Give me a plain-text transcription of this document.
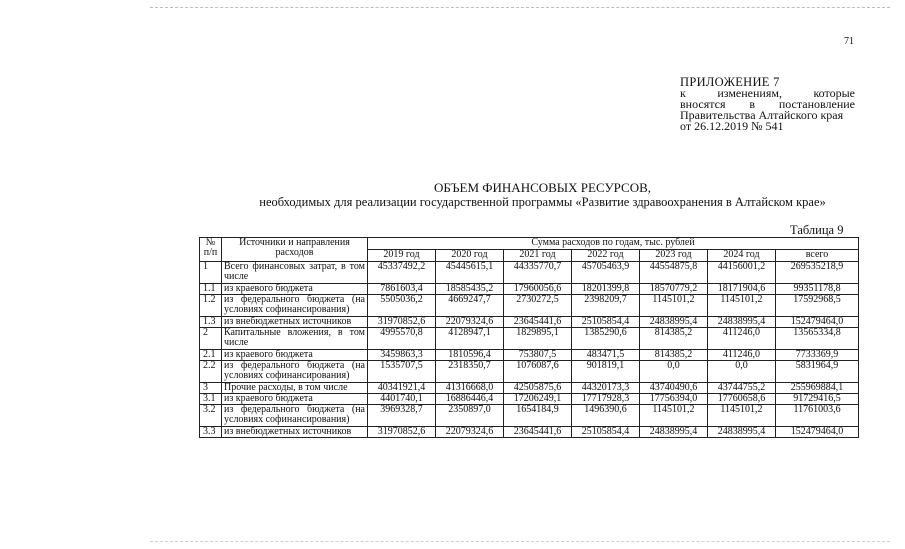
71
ПРИЛОЖЕНИЕ 7
к изменениям, которые
вносятся в постановление
Правительства Алтайского края
от 26.12.2019 № 541
ОБЪЕМ ФИНАНСОВЫХ РЕСУРСОВ,
необходимых для реализации государственной программы «Развитие здравоохранения в Алтайском крае»
Таблица 9
№ п/п	Источники и направления расходов	Сумма расходов по годам, тыс. рублей						
		2019 год	2020 год	2021 год	2022 год	2023 год	2024 год	всего
1	Всего финансовых затрат, в том числе	45337492,2	45445615,1	44335770,7	45705463,9	44554875,8	44156001,2	269535218,9
1.1	из краевого бюджета	7861603,4	18585435,2	17960056,6	18201399,8	18570779,2	18171904,6	99351178,8
1.2	из федерального бюджета (на условиях софинансирования)	5505036,2	4669247,7	2730272,5	2398209,7	1145101,2	1145101,2	17592968,5
1.3	из внебюджетных источников	31970852,6	22079324,6	23645441,6	25105854,4	24838995,4	24838995,4	152479464,0
2	Капитальные вложения, в том числе	4995570,8	4128947,1	1829895,1	1385290,6	814385,2	411246,0	13565334,8
2.1	из краевого бюджета	3459863,3	1810596,4	753807,5	483471,5	814385,2	411246,0	7733369,9
2.2	из федерального бюджета (на условиях софинансирования)	1535707,5	2318350,7	1076087,6	901819,1	0,0	0,0	5831964,9
3	Прочие расходы, в том числе	40341921,4	41316668,0	42505875,6	44320173,3	43740490,6	43744755,2	255969884,1
3.1	из краевого бюджета	4401740,1	16886446,4	17206249,1	17717928,3	17756394,0	17760658,6	91729416,5
3.2	из федерального бюджета (на условиях софинансирования)	3969328,7	2350897,0	1654184,9	1496390,6	1145101,2	1145101,2	11761003,6
3.3	из внебюджетных источников	31970852,6	22079324,6	23645441,6	25105854,4	24838995,4	24838995,4	152479464,0
